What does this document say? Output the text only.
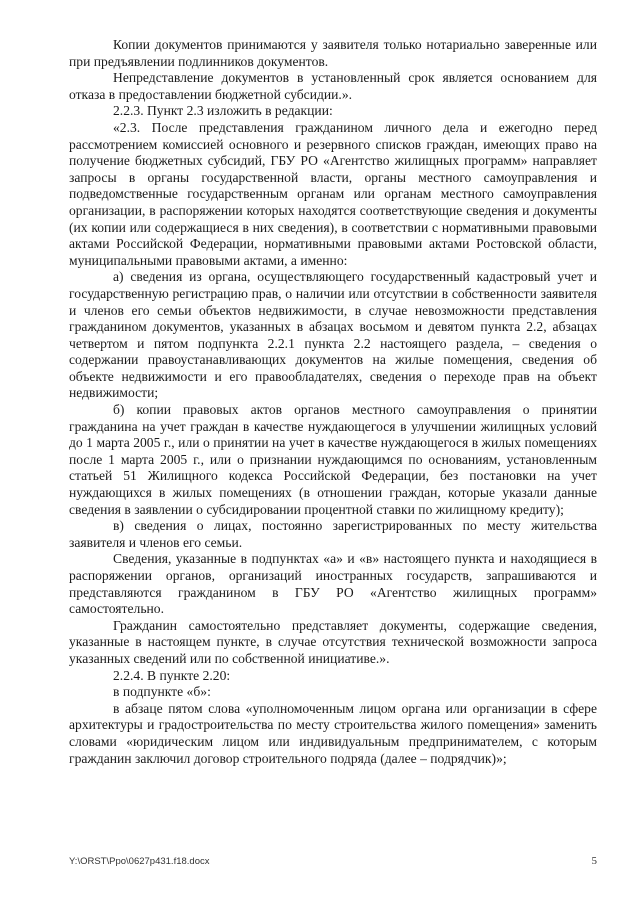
Копии документов принимаются у заявителя только нотариально заверенные или при предъявлении подлинников документов.

Непредставление документов в установленный срок является основанием для отказа в предоставлении бюджетной субсидии.».

2.2.3. Пункт 2.3 изложить в редакции:

«2.3. После представления гражданином личного дела и ежегодно перед рассмотрением комиссией основного и резервного списков граждан, имеющих право на получение бюджетных субсидий, ГБУ РО «Агентство жилищных программ» направляет запросы в органы государственной власти, органы местного самоуправления и подведомственные государственным органам или органам местного самоуправления организации, в распоряжении которых находятся соответствующие сведения и документы (их копии или содержащиеся в них сведения), в соответствии с нормативными правовыми актами Российской Федерации, нормативными правовыми актами Ростовской области, муниципальными правовыми актами, а именно:

а) сведения из органа, осуществляющего государственный кадастровый учет и государственную регистрацию прав, о наличии или отсутствии в собственности заявителя и членов его семьи объектов недвижимости, в случае невозможности представления гражданином документов, указанных в абзацах восьмом и девятом пункта 2.2, абзацах четвертом и пятом подпункта 2.2.1 пункта 2.2 настоящего раздела, – сведения о содержании правоустанавливающих документов на жилые помещения, сведения об объекте недвижимости и его правообладателях, сведения о переходе прав на объект недвижимости;

б) копии правовых актов органов местного самоуправления о принятии гражданина на учет граждан в качестве нуждающегося в улучшении жилищных условий до 1 марта 2005 г., или о принятии на учет в качестве нуждающегося в жилых помещениях после 1 марта 2005 г., или о признании нуждающимся по основаниям, установленным статьей 51 Жилищного кодекса Российской Федерации, без постановки на учет нуждающихся в жилых помещениях (в отношении граждан, которые указали данные сведения в заявлении о субсидировании процентной ставки по жилищному кредиту);

в) сведения о лицах, постоянно зарегистрированных по месту жительства заявителя и членов его семьи.

Сведения, указанные в подпунктах «а» и «в» настоящего пункта и находящиеся в распоряжении органов, организаций иностранных государств, запрашиваются и представляются гражданином в ГБУ РО «Агентство жилищных программ» самостоятельно.

Гражданин самостоятельно представляет документы, содержащие сведения, указанные в настоящем пункте, в случае отсутствия технической возможности запроса указанных сведений или по собственной инициативе.».

2.2.4. В пункте 2.20:

в подпункте «б»:

в абзаце пятом слова «уполномоченным лицом органа или организации в сфере архитектуры и градостроительства по месту строительства жилого помещения» заменить словами «юридическим лицом или индивидуальным предпринимателем, с которым гражданин заключил договор строительного подряда (далее – подрядчик)»;

Y:\ORST\Ppo\0627p431.f18.docx	5
